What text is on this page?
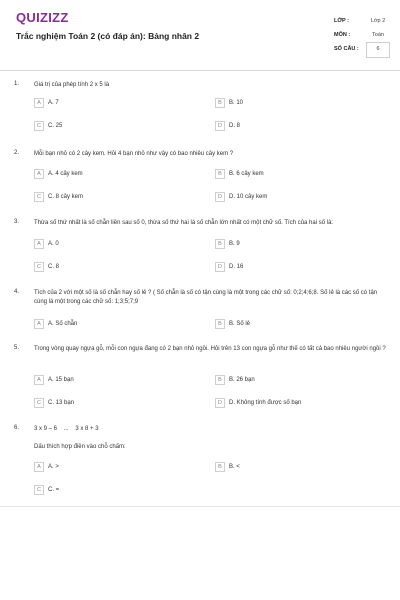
QUIZIZZ
Trắc nghiệm Toán 2 (có đáp án): Bảng nhân 2
LỚP :	Lớp 2
MÔN :	Toán
SỐ CÂU :	6
1. Giá trị của phép tính 2 x 5 là
A	A. 7	B	B. 10
C	C. 25	D	D. 8
2. Mỗi bạn nhỏ có 2 cây kem. Hỏi 4 bạn nhỏ như vậy có bao nhiêu cây kem ?
A	A. 4 cây kem	B	B. 6 cây kem
C	C. 8 cây kem	D	D. 10 cây kem
3. Thừa số thứ nhất là số chẵn liền sau số 0, thừa số thứ hai là số chẵn lớn nhất có một chữ số. Tích của hai số là:
A	A. 0	B	B. 9
C	C. 8	D	D. 16
4. Tích của 2 với một số là số chẵn hay số lẻ ? ( Số chẵn là số có tận cùng là một trong các chữ số: 0;2;4;6;8. Số lẻ là các số có tận cùng là một trong các chữ số: 1;3;5;7;9
A	A. Số chẵn	B	B. Số lẻ
5. Trong vòng quay ngựa gỗ, mỗi con ngựa đang có 2 bạn nhỏ ngồi. Hỏi trên 13 con ngựa gỗ như thế có tất cả bao nhiêu người ngồi ?
A	A. 15 bạn	B	B. 26 bạn
C	C. 13 bạn	D	D. Không tính được số bạn
6. 3 x 9 – 6    ...    3 x 8 + 3
Dấu thích hợp điền vào chỗ chấm:
A	A. >	B	B. <
C	C. =
